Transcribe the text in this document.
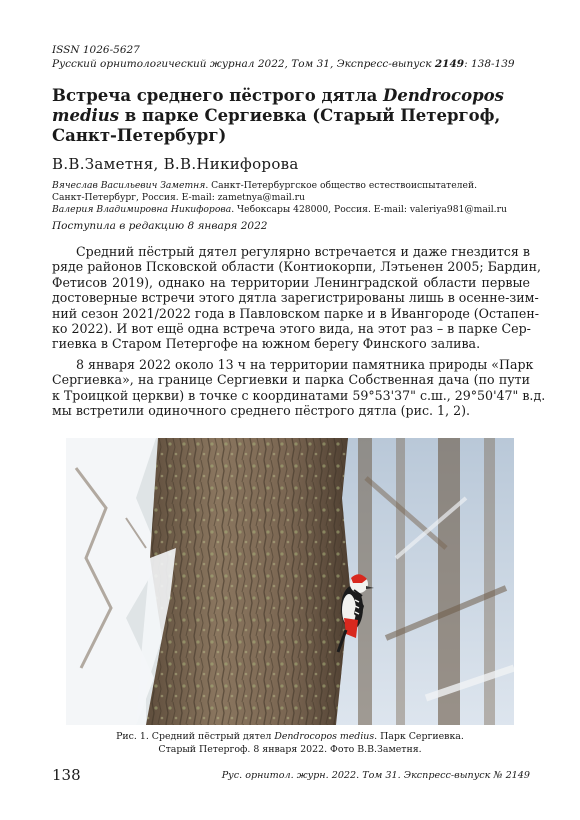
ISSN 1026-5627
Русский орнитологический журнал 2022, Том 31, Экспресс-выпуск 2149: 138-139
Встреча среднего пёстрого дятла Dendrocopos medius в парке Сергиевка (Старый Петергоф, Санкт-Петербург)
В.В.Заметня, В.В.Никифорова
Вячеслав Васильевич Заметня. Санкт-Петербургское общество естествоиспытателей.
Санкт-Петербург, Россия. E-mail: zametnya@mail.ru
Валерия Владимировна Никифорова. Чебоксары 428000, Россия. E-mail: valeriya981@mail.ru
Поступила в редакцию 8 января 2022
Средний пёстрый дятел регулярно встречается и даже гнездится в
ряде районов Псковской области (Контиокорпи, Лэтьенен 2005; Бардин,
Фетисов 2019), однако на территории Ленинградской области первые
достоверные встречи этого дятла зарегистрированы лишь в осенне-зим-
ний сезон 2021/2022 года в Павловском парке и в Ивангороде (Остапен-
ко 2022). И вот ещё одна встреча этого вида, на этот раз – в парке Сер-
гиевка в Старом Петергофе на южном берегу Финского залива.
8 января 2022 около 13 ч на территории памятника природы «Парк
Сергиевка», на границе Сергиевки и парка Собственная дача (по пути
к Троицкой церкви) в точке с координатами 59°53'37" с.ш., 29°50'47" в.д.
мы встретили одиночного среднего пёстрого дятла (рис. 1, 2).
Рис. 1. Средний пёстрый дятел Dendrocopos medius. Парк Сергиевка.
Старый Петергоф. 8 января 2022. Фото В.В.Заметня.
138	Рус. орнитол. журн. 2022. Том 31. Экспресс-выпуск № 2149
